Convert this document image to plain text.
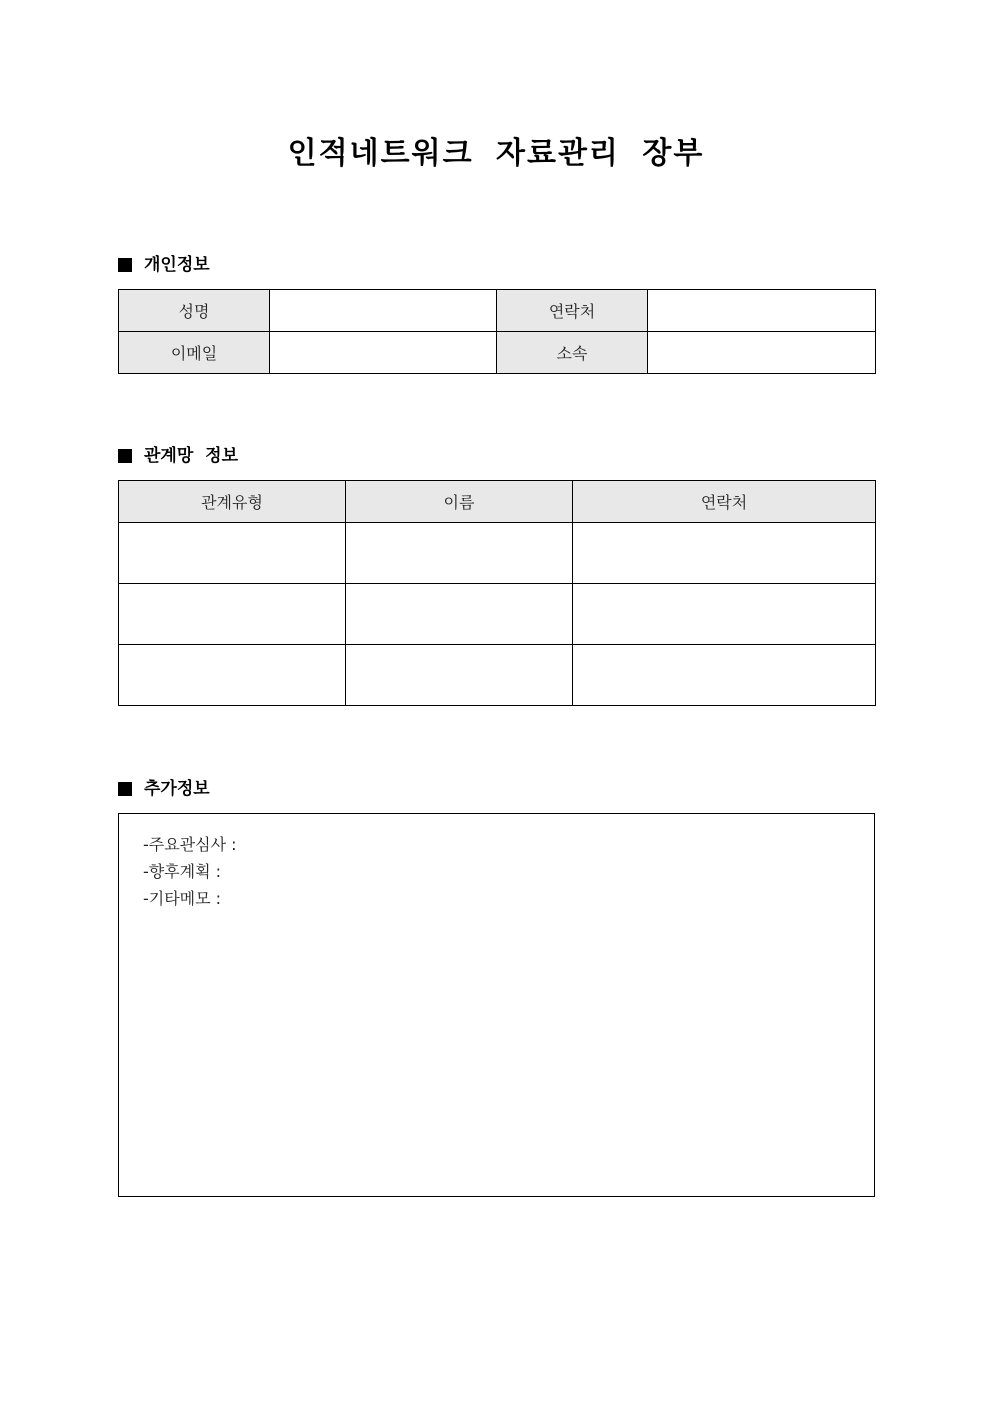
인적네트워크 자료관리 장부
개인정보
성명		연락처	
이메일		소속	
관계망 정보
관계유형	이름	연락처

추가정보
-주요관심사 :
-향후계획 :
-기타메모 :
